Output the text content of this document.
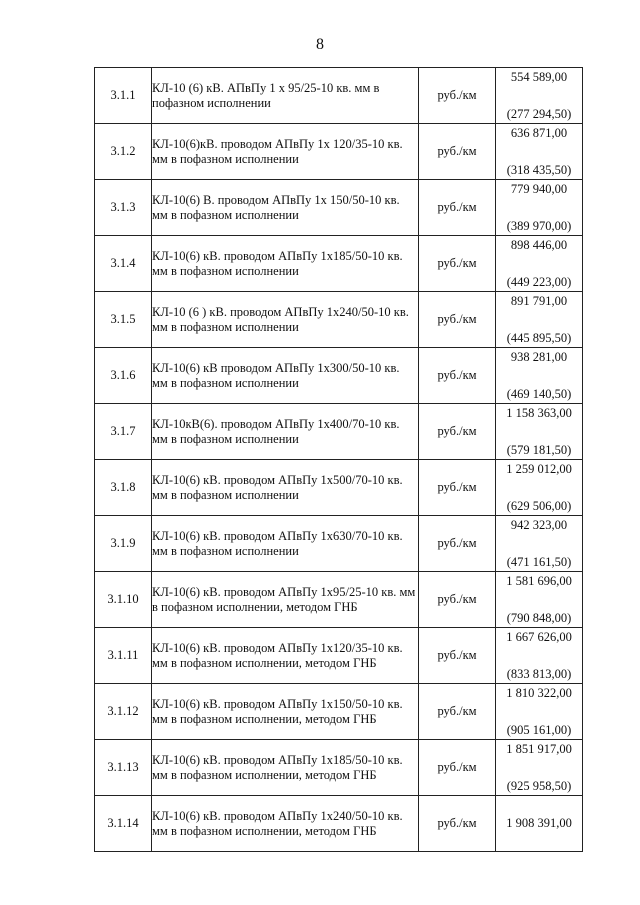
8
3.1.1	КЛ-10 (6) кВ. АПвПу 1 х 95/25-10 кв. мм в пофазном исполнении	руб./км	554 589,00
(277 294,50)

3.1.2	КЛ-10(6)кВ. проводом АПвПу 1х 120/35-10 кв. мм в пофазном исполнении	руб./км	636 871,00
(318 435,50)

3.1.3	КЛ-10(6) В. проводом АПвПу 1х 150/50-10 кв. мм в пофазном исполнении	руб./км	779 940,00
(389 970,00)

3.1.4	КЛ-10(6) кВ. проводом АПвПу 1х185/50-10 кв. мм в пофазном исполнении	руб./км	898 446,00
(449 223,00)

3.1.5	КЛ-10 (6 ) кВ. проводом АПвПу 1х240/50-10 кв. мм в пофазном исполнении	руб./км	891 791,00
(445 895,50)

3.1.6	КЛ-10(6) кВ проводом АПвПу 1х300/50-10 кв. мм в пофазном исполнении	руб./км	938 281,00
(469 140,50)

3.1.7	КЛ-10кВ(6). проводом АПвПу 1х400/70-10 кв. мм в пофазном исполнении	руб./км	1 158 363,00
(579 181,50)

3.1.8	КЛ-10(6) кВ. проводом АПвПу 1х500/70-10 кв. мм в пофазном исполнении	руб./км	1 259 012,00
(629 506,00)

3.1.9	КЛ-10(6) кВ. проводом АПвПу 1х630/70-10 кв. мм в пофазном исполнении	руб./км	942 323,00
(471 161,50)

3.1.10	КЛ-10(6) кВ. проводом АПвПу 1х95/25-10 кв. мм в пофазном исполнении, методом ГНБ	руб./км	1 581 696,00
(790 848,00)

3.1.11	КЛ-10(6) кВ. проводом АПвПу 1х120/35-10 кв. мм в пофазном исполнении, методом ГНБ	руб./км	1 667 626,00
(833 813,00)

3.1.12	КЛ-10(6) кВ. проводом АПвПу 1х150/50-10 кв. мм в пофазном исполнении, методом ГНБ	руб./км	1 810 322,00
(905 161,00)

3.1.13	КЛ-10(6) кВ. проводом АПвПу 1х185/50-10 кв. мм в пофазном исполнении, методом ГНБ	руб./км	1 851 917,00
(925 958,50)

3.1.14	КЛ-10(6) кВ. проводом АПвПу 1х240/50-10 кв. мм в пофазном исполнении, методом ГНБ	руб./км	1 908 391,00
